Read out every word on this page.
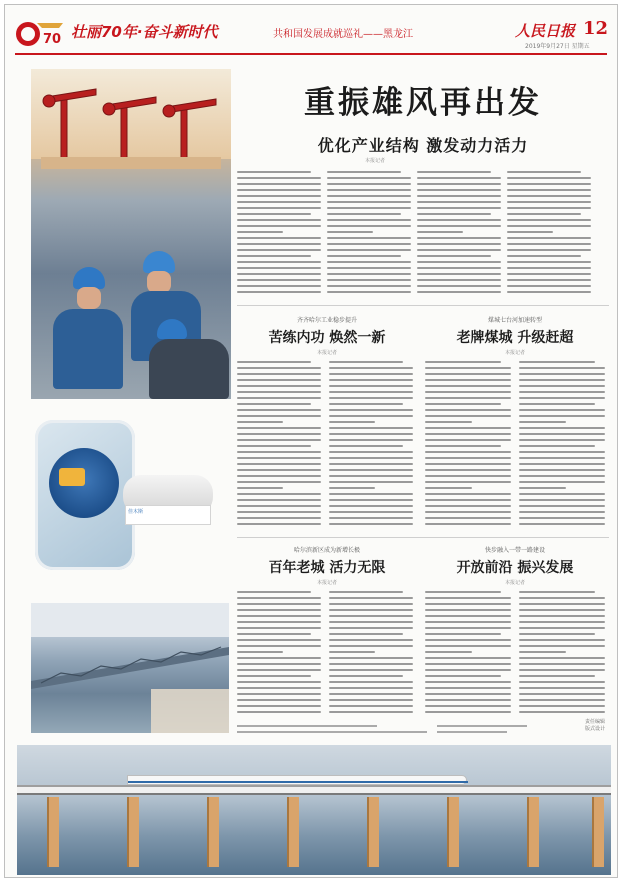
70 壮丽70年·奋斗新时代	共和国发展成就巡礼——黑龙江	人民日报 12
2019年9月27日 星期五
重振雄风再出发
优化产业结构 激发动力活力
本报记者
齐齐哈尔工业稳步提升
苦练内功 焕然一新
本报记者
煤城七台河加速转型
老牌煤城 升级赶超
本报记者
佳木斯
哈尔滨新区成为新增长极
百年老城 活力无限
本报记者
快步融入一带一路建设
开放前沿 振兴发展
本报记者
责任编辑
版式设计
